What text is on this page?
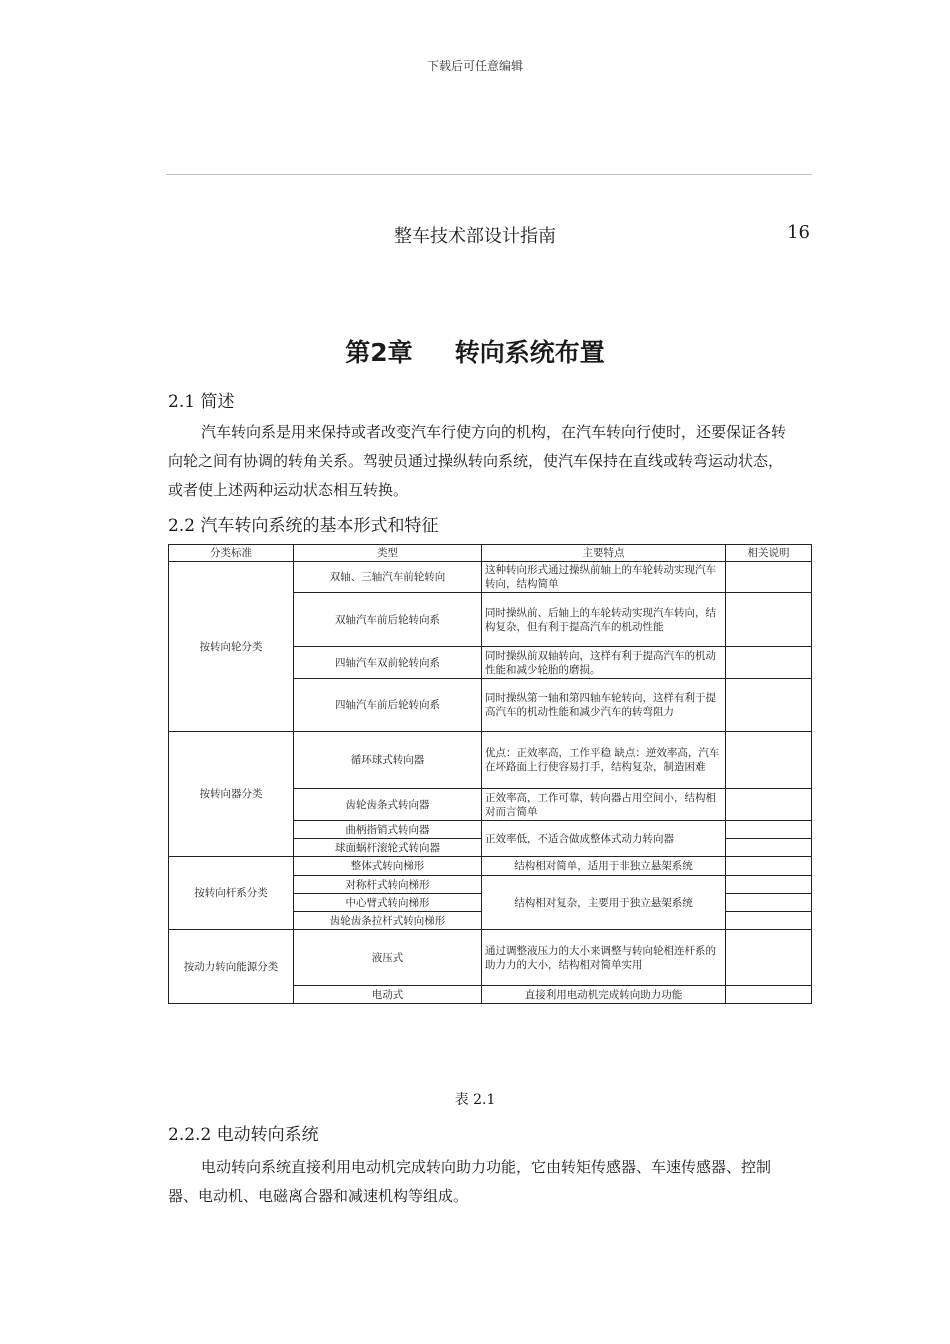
下载后可任意编辑
整车技术部设计指南	16
第2章 转向系统布置
2.1 简述

汽车转向系是用来保持或者改变汽车行使方向的机构，在汽车转向行使时，还要保证各转向轮之间有协调的转角关系。驾驶员通过操纵转向系统，使汽车保持在直线或转弯运动状态，或者使上述两种运动状态相互转换。

2.2 汽车转向系统的基本形式和特征
分类标准	类型	主要特点	相关说明
按转向轮分类	双轴、三轴汽车前轮转向	这种转向形式通过操纵前轴上的车轮转动实现汽车转向，结构简单	
	双轴汽车前后轮转向系	同时操纵前、后轴上的车轮转动实现汽车转向，结构复杂，但有利于提高汽车的机动性能	
	四轴汽车双前轮转向系	同时操纵前双轴转向，这样有利于提高汽车的机动性能和减少轮胎的磨损。	
	四轴汽车前后轮转向系	同时操纵第一轴和第四轴车轮转向，这样有利于提高汽车的机动性能和减少汽车的转弯阻力	
按转向器分类	循环球式转向器	优点：正效率高，工作平稳 缺点：逆效率高，汽车在坏路面上行使容易打手，结构复杂，制造困难	
	齿轮齿条式转向器	正效率高，工作可靠，转向器占用空间小，结构相对而言简单	
	曲柄指销式转向器	正效率低，不适合做成整体式动力转向器	
	球面蜗杆滚轮式转向器		
按转向杆系分类	整体式转向梯形	结构相对简单，适用于非独立悬架系统	
	对称杆式转向梯形	结构相对复杂，主要用于独立悬架系统	
	中心臂式转向梯形		
	齿轮齿条拉杆式转向梯形		
按动力转向能源分类	液压式	通过调整液压力的大小来调整与转向轮相连杆系的助力力的大小，结构相对简单实用	
	电动式	直接利用电动机完成转向助力功能	
表 2.1
2.2.2 电动转向系统

电动转向系统直接利用电动机完成转向助力功能，它由转矩传感器、车速传感器、控制器、电动机、电磁离合器和减速机构等组成。
